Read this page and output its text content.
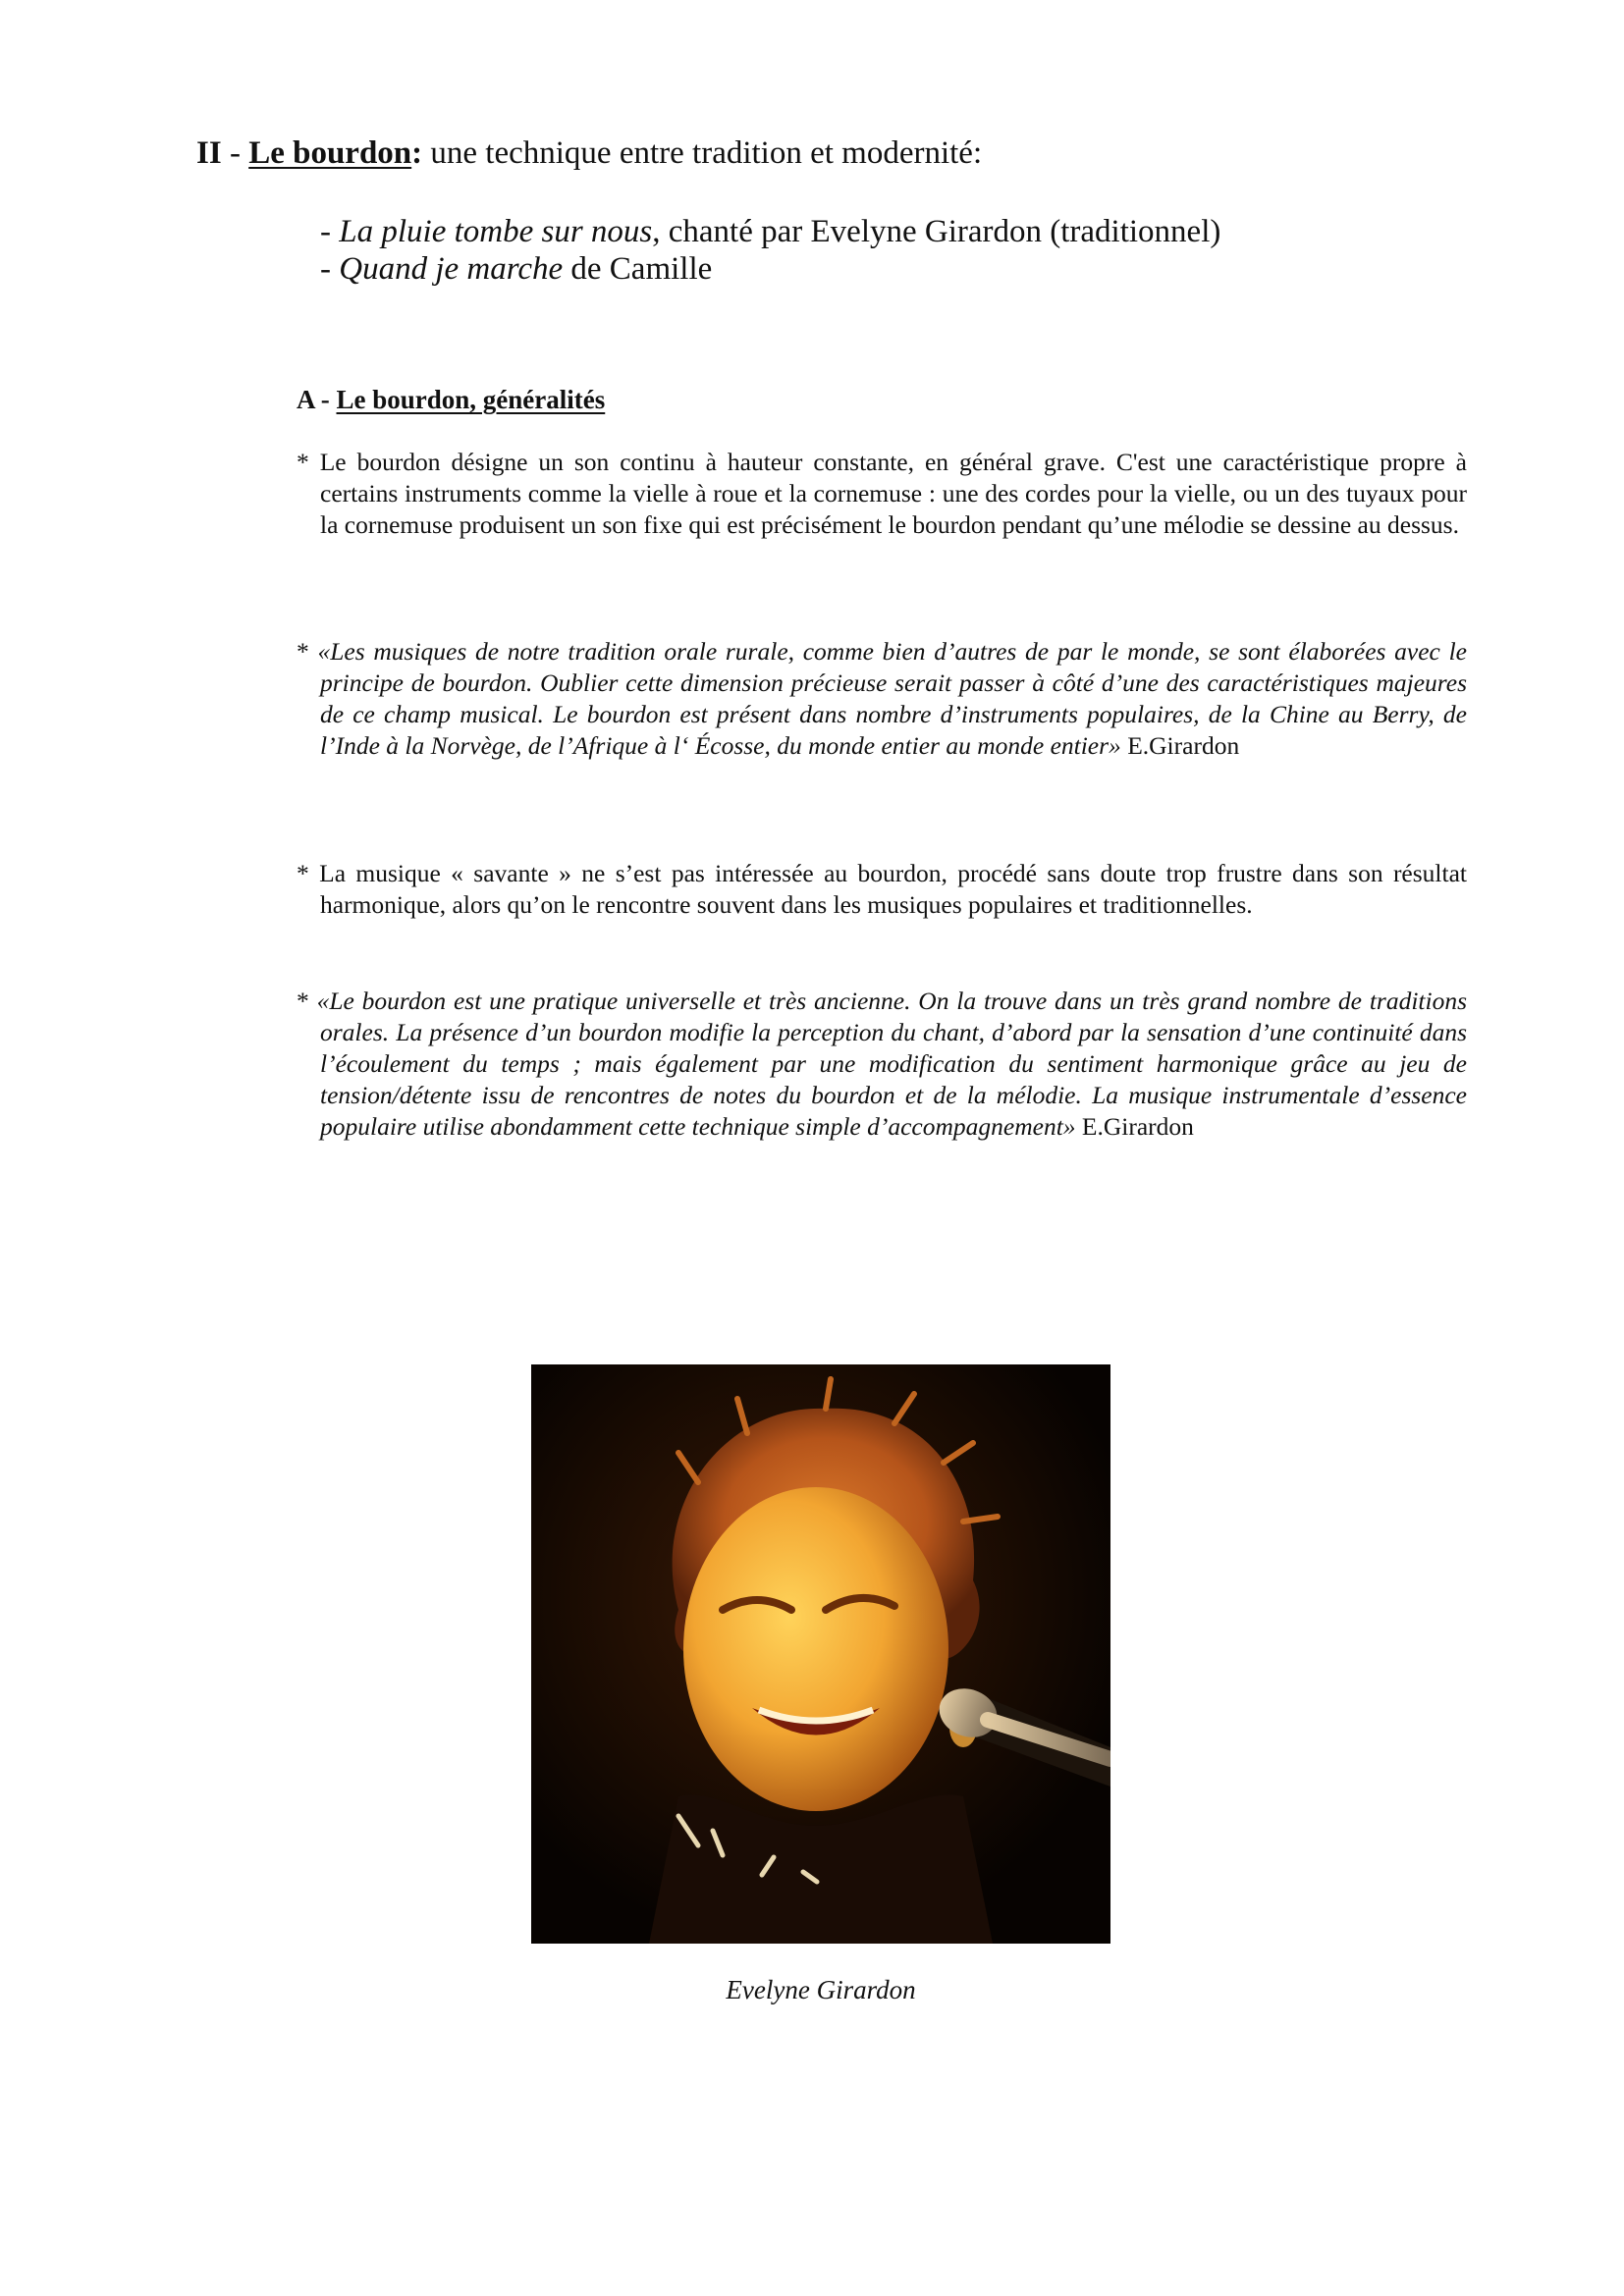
II - Le bourdon: une technique entre tradition et modernité:
- La pluie tombe sur nous, chanté par Evelyne Girardon (traditionnel)
- Quand je marche de Camille
A - Le bourdon, généralités

* Le bourdon désigne un son continu à hauteur constante, en général grave. C'est une caractéristique propre à certains instruments comme la vielle à roue et la cornemuse : une des cordes pour la vielle, ou un des tuyaux pour la cornemuse produisent un son fixe qui est précisément le bourdon pendant qu’une mélodie se dessine au dessus.

* «Les musiques de notre tradition orale rurale, comme bien d’autres de par le monde, se sont élaborées avec le principe de bourdon. Oublier cette dimension précieuse serait passer à côté d’une des caractéristiques majeures de ce champ musical. Le bourdon est présent dans nombre d’instruments populaires, de la Chine au Berry, de l’Inde à la Norvège, de l’Afrique à l‘ Écosse, du monde entier au monde entier» E.Girardon

* La musique « savante » ne s’est pas intéressée au bourdon, procédé sans doute trop frustre dans son résultat harmonique, alors qu’on le rencontre souvent dans les musiques populaires et traditionnelles.

* «Le bourdon est une pratique universelle et très ancienne. On la trouve dans un très grand nombre de traditions orales. La présence d’un bourdon modifie la perception du chant, d’abord par la sensation d’une continuité dans l’écoulement du temps ; mais également par une modification du sentiment harmonique grâce au jeu de tension/détente issu de rencontres de notes du bourdon et de la mélodie. La musique instrumentale d’essence populaire utilise abondamment cette technique simple d’accompagnement» E.Girardon

Evelyne Girardon
